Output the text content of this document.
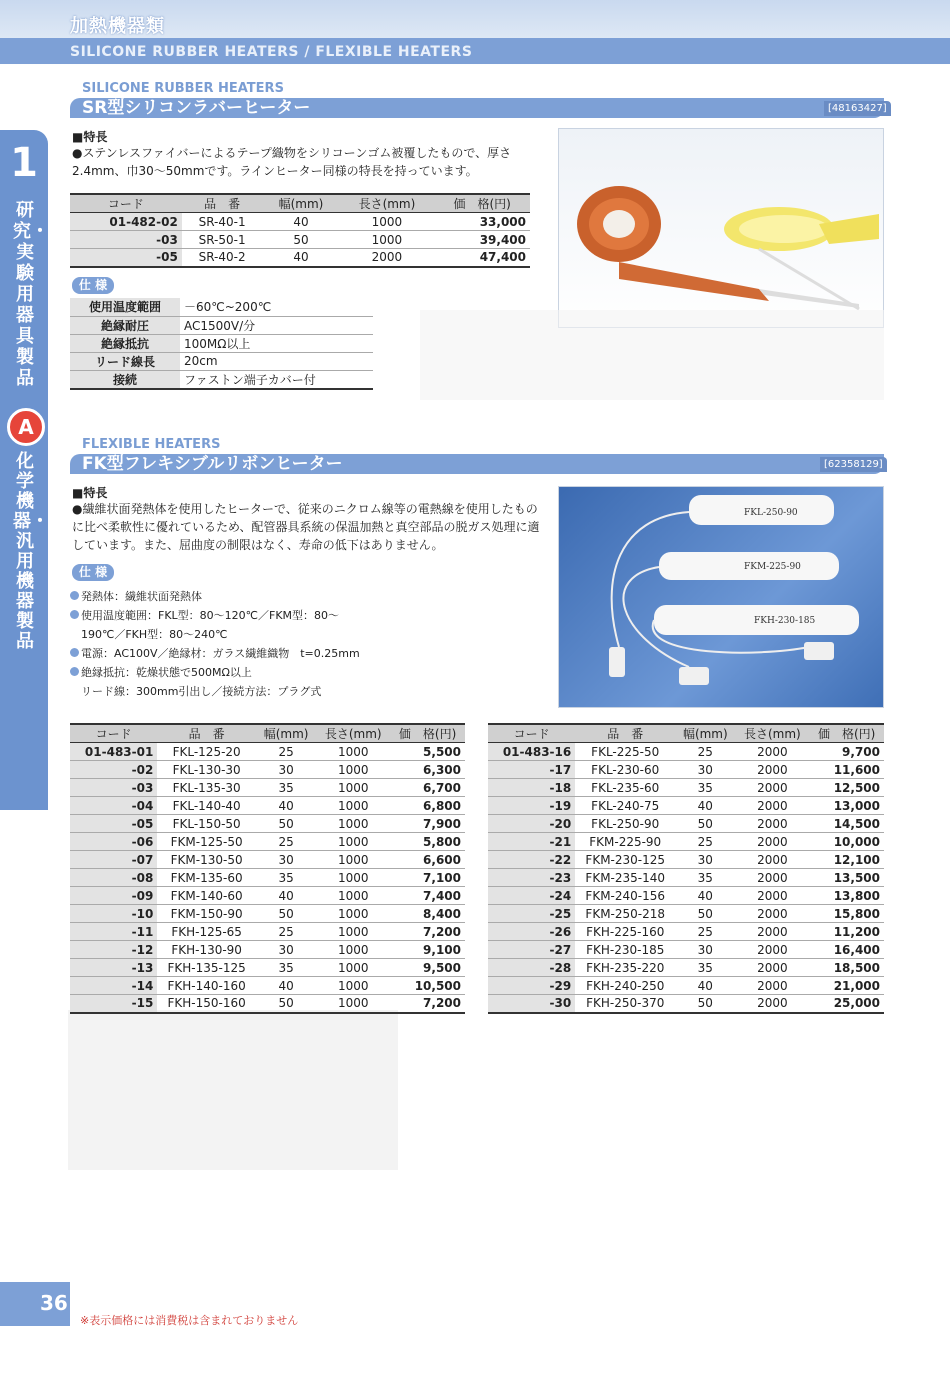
加熱機器類
SILICONE RUBBER HEATERS / FLEXIBLE HEATERS
1
研究・実験用器具製品
A
化学機器・汎用機器製品
SILICONE RUBBER HEATERS
SR型シリコンラバーヒーター	[48163427]
■特長
●ステンレスファイバーによるテープ織物をシリコーンゴム被覆したもので、厚さ2.4mm、巾30〜50mmです。ラインヒーター同様の特長を持っています。
コード	品　番	幅(mm)	長さ(mm)	価　格(円)
01-482-02	SR-40-1	40	1000	33,000
-03	SR-50-1	50	1000	39,400
-05	SR-40-2	40	2000	47,400
仕 様
使用温度範囲	－60℃~200℃
絶縁耐圧	AC1500V/分
絶縁抵抗	100MΩ以上
リード線長	20cm
接続	ファストン端子カバー付
FLEXIBLE HEATERS
FK型フレキシブルリボンヒーター	[62358129]
■特長
●繊維状面発熱体を使用したヒーターで、従来のニクロム線等の電熱線を使用したものに比べ柔軟性に優れているため、配管器具系統の保温加熱と真空部品の脱ガス処理に適しています。また、屈曲度の制限はなく、寿命の低下はありません。
仕 様
発熱体：繊維状面発熱体
使用温度範囲：FKL型：80〜120℃／FKM型：80〜
190℃／FKH型：80〜240℃
電源：AC100V／絶縁材：ガラス繊維織物　t=0.25mm
絶縁抵抗：乾燥状態で500MΩ以上
リード線：300mm引出し／接続方法：プラグ式
FKL-250-90
FKM-225-90
FKH-230-185
コード	品　番	幅(mm)	長さ(mm)	価　格(円)
01-483-01	FKL-125-20	25	1000	5,500
-02	FKL-130-30	30	1000	6,300
-03	FKL-135-30	35	1000	6,700
-04	FKL-140-40	40	1000	6,800
-05	FKL-150-50	50	1000	7,900
-06	FKM-125-50	25	1000	5,800
-07	FKM-130-50	30	1000	6,600
-08	FKM-135-60	35	1000	7,100
-09	FKM-140-60	40	1000	7,400
-10	FKM-150-90	50	1000	8,400
-11	FKH-125-65	25	1000	7,200
-12	FKH-130-90	30	1000	9,100
-13	FKH-135-125	35	1000	9,500
-14	FKH-140-160	40	1000	10,500
-15	FKH-150-160	50	1000	7,200
コード	品　番	幅(mm)	長さ(mm)	価　格(円)
01-483-16	FKL-225-50	25	2000	9,700
-17	FKL-230-60	30	2000	11,600
-18	FKL-235-60	35	2000	12,500
-19	FKL-240-75	40	2000	13,000
-20	FKL-250-90	50	2000	14,500
-21	FKM-225-90	25	2000	10,000
-22	FKM-230-125	30	2000	12,100
-23	FKM-235-140	35	2000	13,500
-24	FKM-240-156	40	2000	13,800
-25	FKM-250-218	50	2000	15,800
-26	FKH-225-160	25	2000	11,200
-27	FKH-230-185	30	2000	16,400
-28	FKH-235-220	35	2000	18,500
-29	FKH-240-250	40	2000	21,000
-30	FKH-250-370	50	2000	25,000
36
※表示価格には消費税は含まれておりません
